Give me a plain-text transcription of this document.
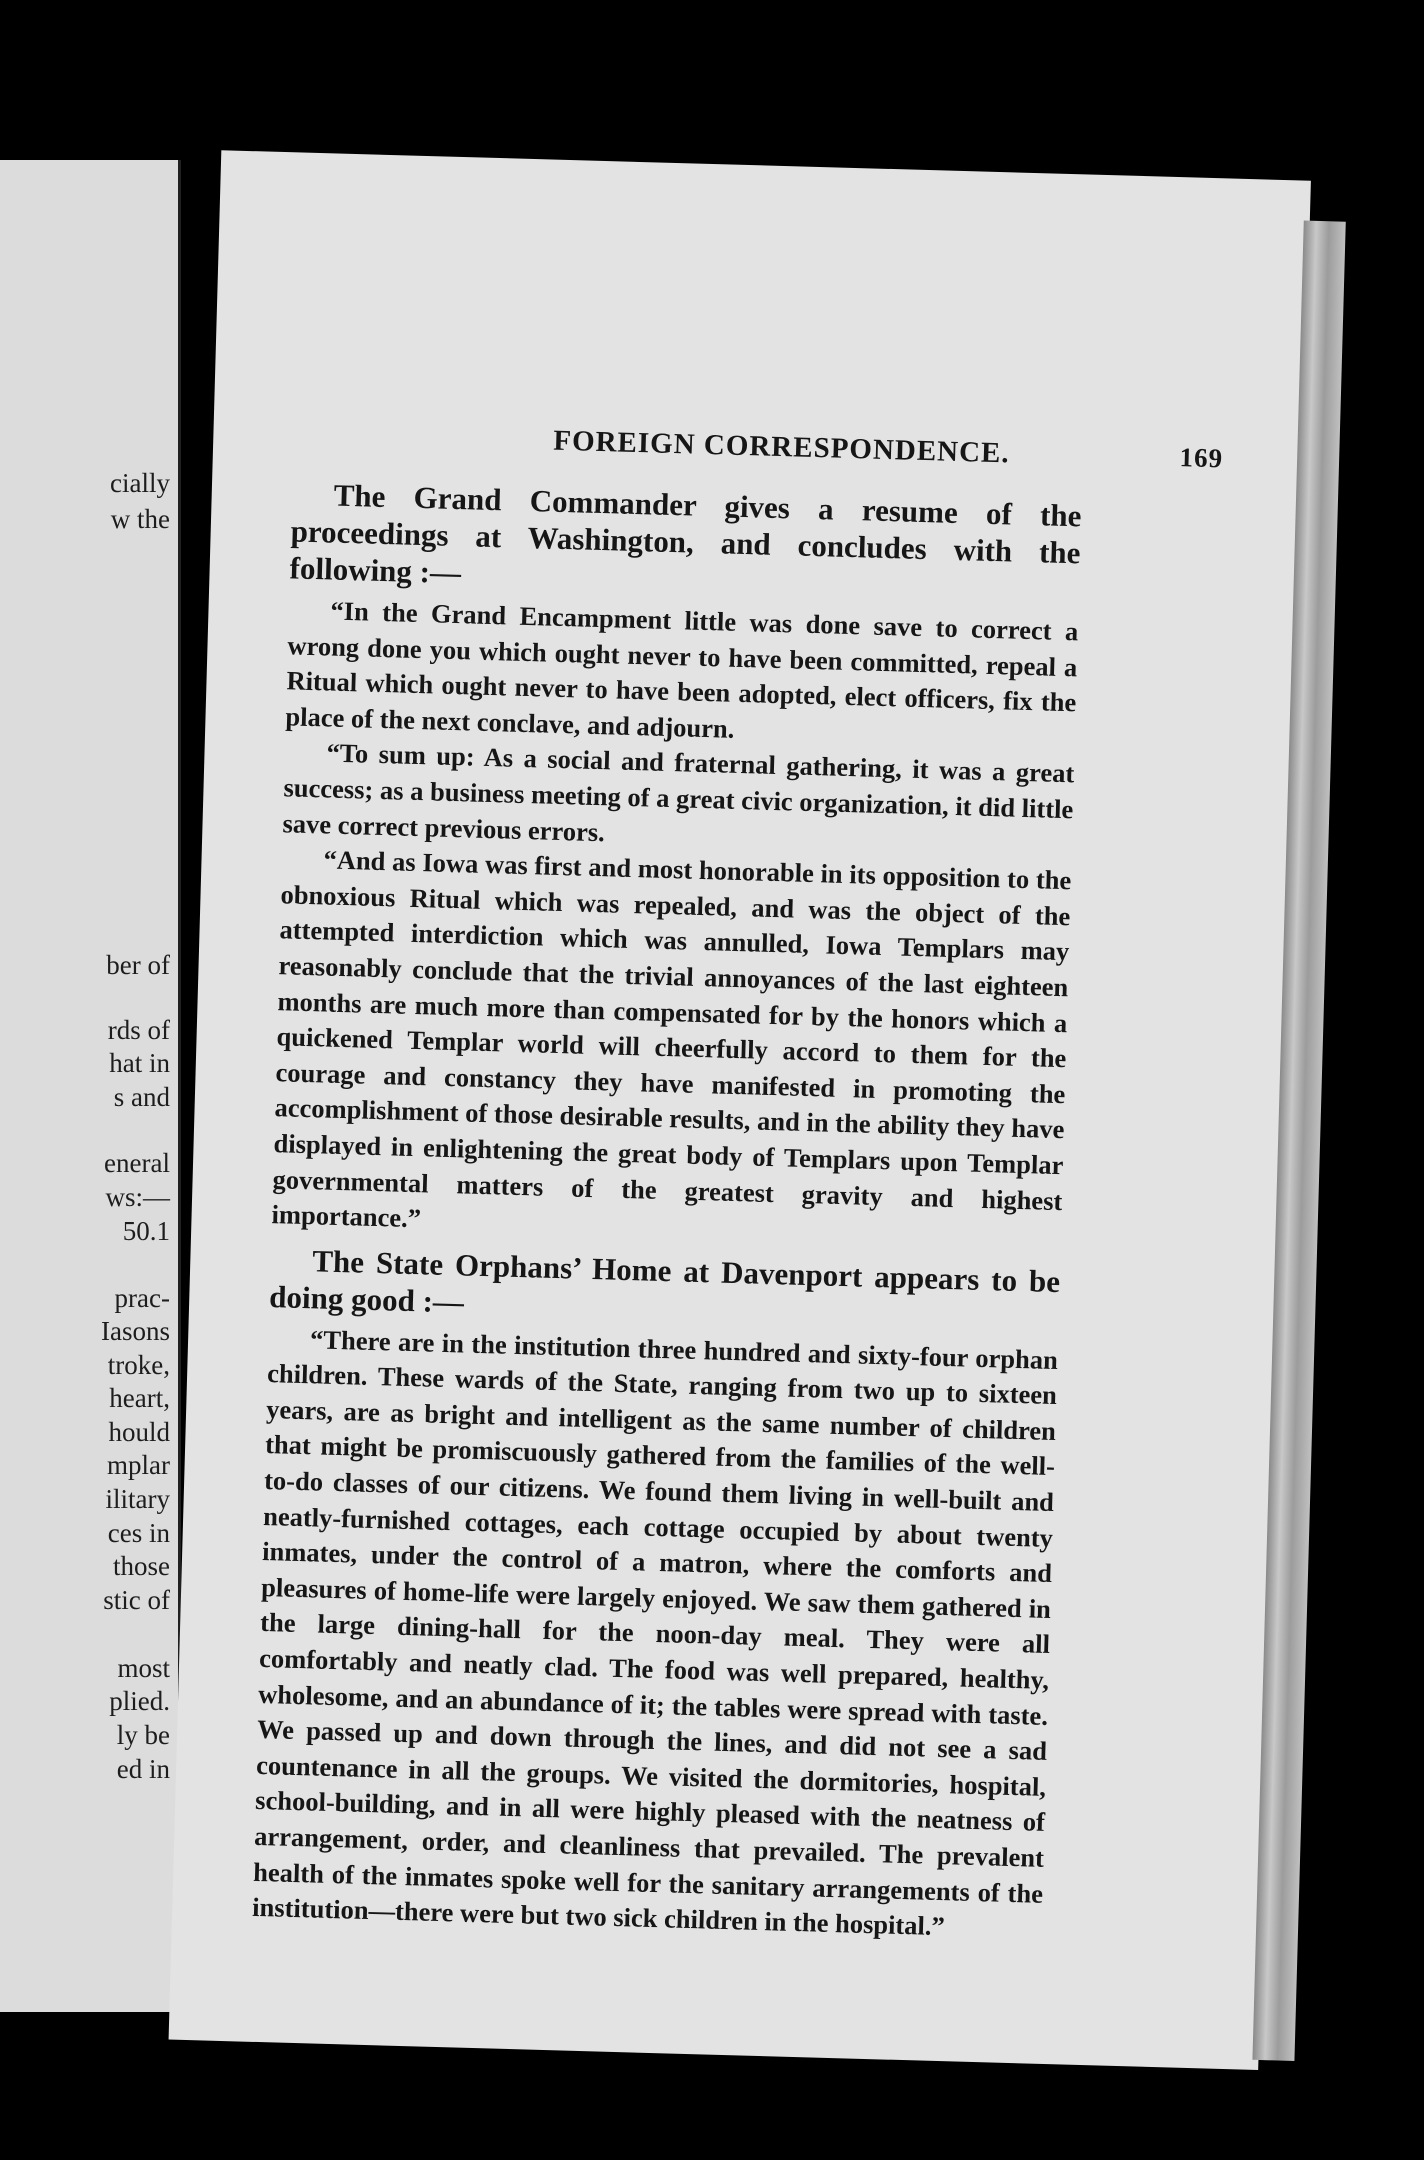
cially
w the
ber of
rds of
hat in
s and
eneral
ws:—
50.1
prac-
Iasons
troke,
heart,
hould
mplar
ilitary
ces in
those
stic of
most
plied.
ly be
ed in
FOREIGN CORRESPONDENCE.	169

The Grand Commander gives a resume of the proceedings at Washington, and concludes with the following :—

“In the Grand Encampment little was done save to correct a wrong done you which ought never to have been committed, repeal a Ritual which ought never to have been adopted, elect officers, fix the place of the next conclave, and adjourn.

“To sum up: As a social and fraternal gathering, it was a great success; as a business meeting of a great civic organization, it did little save correct previous errors.

“And as Iowa was first and most honorable in its opposition to the obnoxious Ritual which was repealed, and was the object of the attempted interdiction which was annulled, Iowa Templars may reasonably conclude that the trivial annoyances of the last eighteen months are much more than compensated for by the honors which a quickened Templar world will cheerfully accord to them for the courage and constancy they have manifested in promoting the accomplishment of those desirable results, and in the ability they have displayed in enlightening the great body of Templars upon Templar governmental matters of the greatest gravity and highest importance.”

The State Orphans’ Home at Davenport appears to be doing good :—

“There are in the institution three hundred and sixty-four orphan children. These wards of the State, ranging from two up to sixteen years, are as bright and intelligent as the same number of children that might be promiscuously gathered from the families of the well-to-do classes of our citizens. We found them living in well-built and neatly-furnished cottages, each cottage occupied by about twenty inmates, under the control of a matron, where the comforts and pleasures of home-life were largely enjoyed. We saw them gathered in the large dining-hall for the noon-day meal. They were all comfortably and neatly clad. The food was well prepared, healthy, wholesome, and an abundance of it; the tables were spread with taste. We passed up and down through the lines, and did not see a sad countenance in all the groups. We visited the dormitories, hospital, school-building, and in all were highly pleased with the neatness of arrangement, order, and cleanliness that prevailed. The prevalent health of the inmates spoke well for the sanitary arrangements of the institution—there were but two sick children in the hospital.”
